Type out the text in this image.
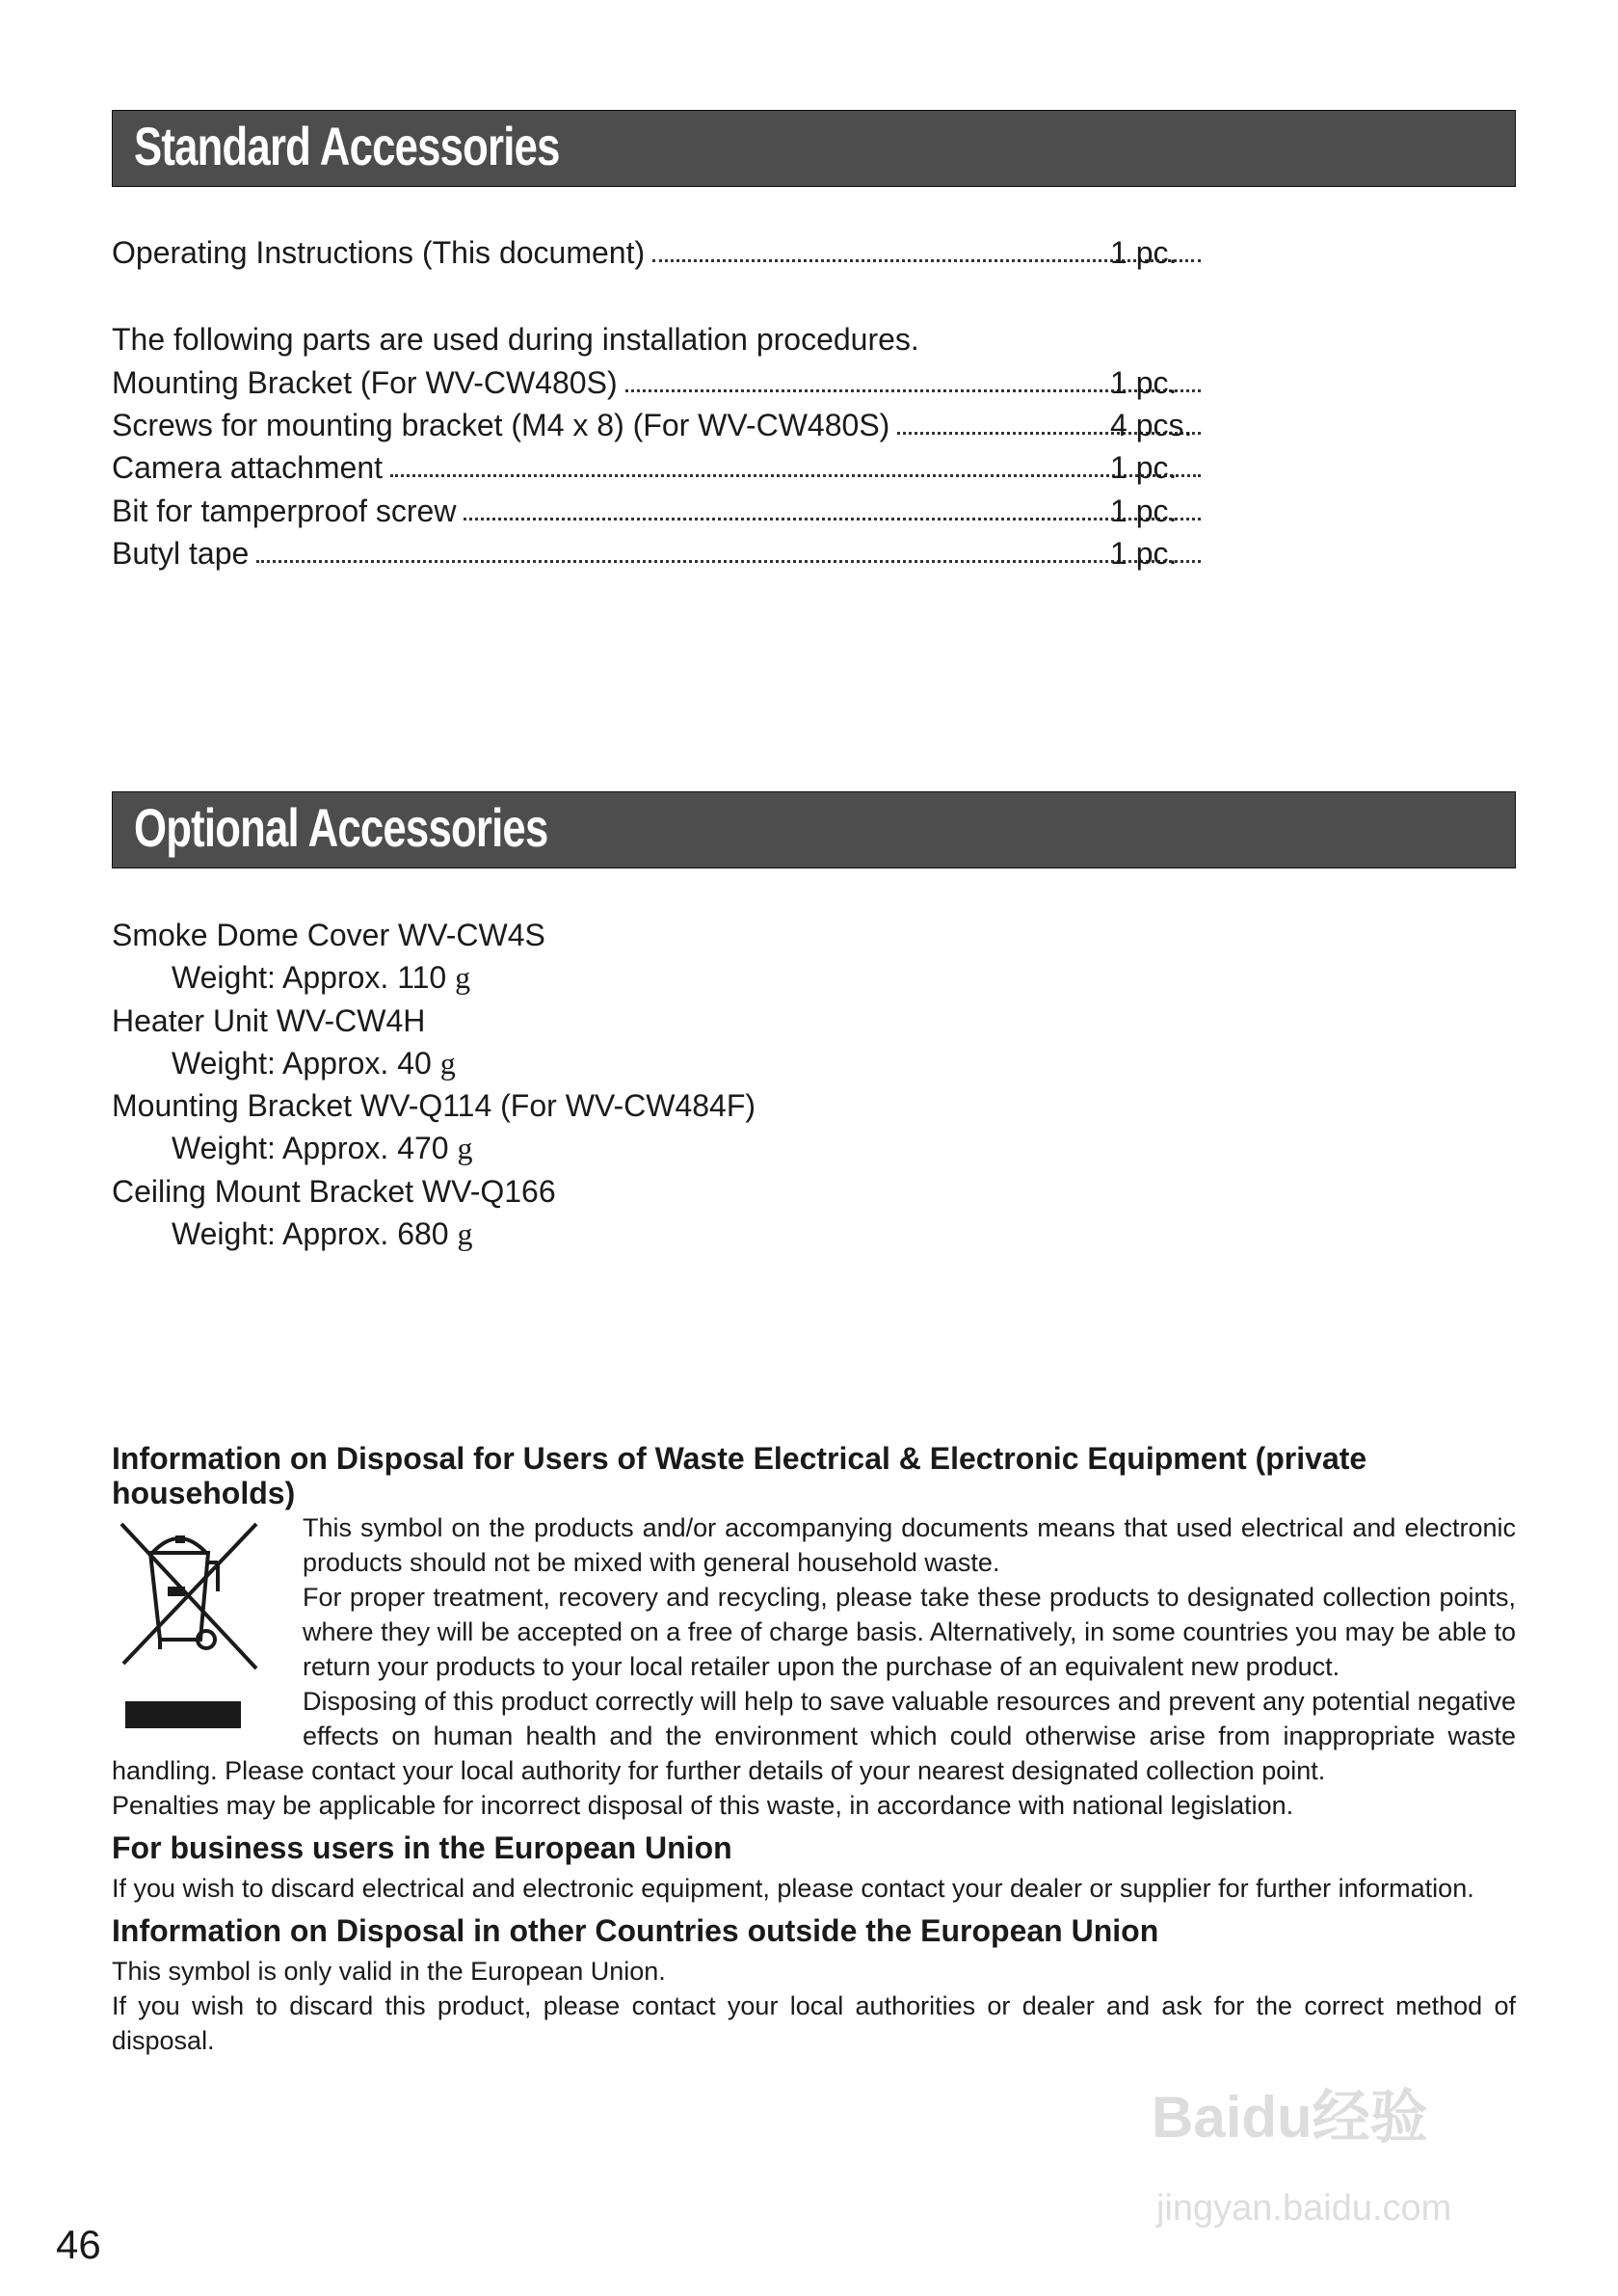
Standard Accessories
Operating Instructions (This document)	1 pc.
The following parts are used during installation procedures.
Mounting Bracket (For WV-CW480S)	1 pc.
Screws for mounting bracket (M4 x 8) (For WV-CW480S)	4 pcs.
Camera attachment	1 pc.
Bit for tamperproof screw	1 pc.
Butyl tape	1 pc.
Optional Accessories
Smoke Dome Cover WV-CW4S
Weight: Approx. 110 g
Heater Unit WV-CW4H
Weight: Approx. 40 g
Mounting Bracket WV-Q114 (For WV-CW484F)
Weight: Approx. 470 g
Ceiling Mount Bracket WV-Q166
Weight: Approx. 680 g
Information on Disposal for Users of Waste Electrical & Electronic Equipment (private households)

This symbol on the products and/or accompanying documents means that used electrical and electronic products should not be mixed with general household waste.

For proper treatment, recovery and recycling, please take these products to designated collection points, where they will be accepted on a free of charge basis. Alternatively, in some countries you may be able to return your products to your local retailer upon the purchase of an equivalent new product.

Disposing of this product correctly will help to save valuable resources and prevent any potential negative effects on human health and the environment which could otherwise arise from inappropriate waste handling. Please contact your local authority for further details of your nearest designated collection point.

Penalties may be applicable for incorrect disposal of this waste, in accordance with national legislation.

For business users in the European Union

If you wish to discard electrical and electronic equipment, please contact your dealer or supplier for further information.

Information on Disposal in other Countries outside the European Union

This symbol is only valid in the European Union.

If you wish to discard this product, please contact your local authorities or dealer and ask for the correct method of disposal.

46
Baidu经验
jingyan.baidu.com
